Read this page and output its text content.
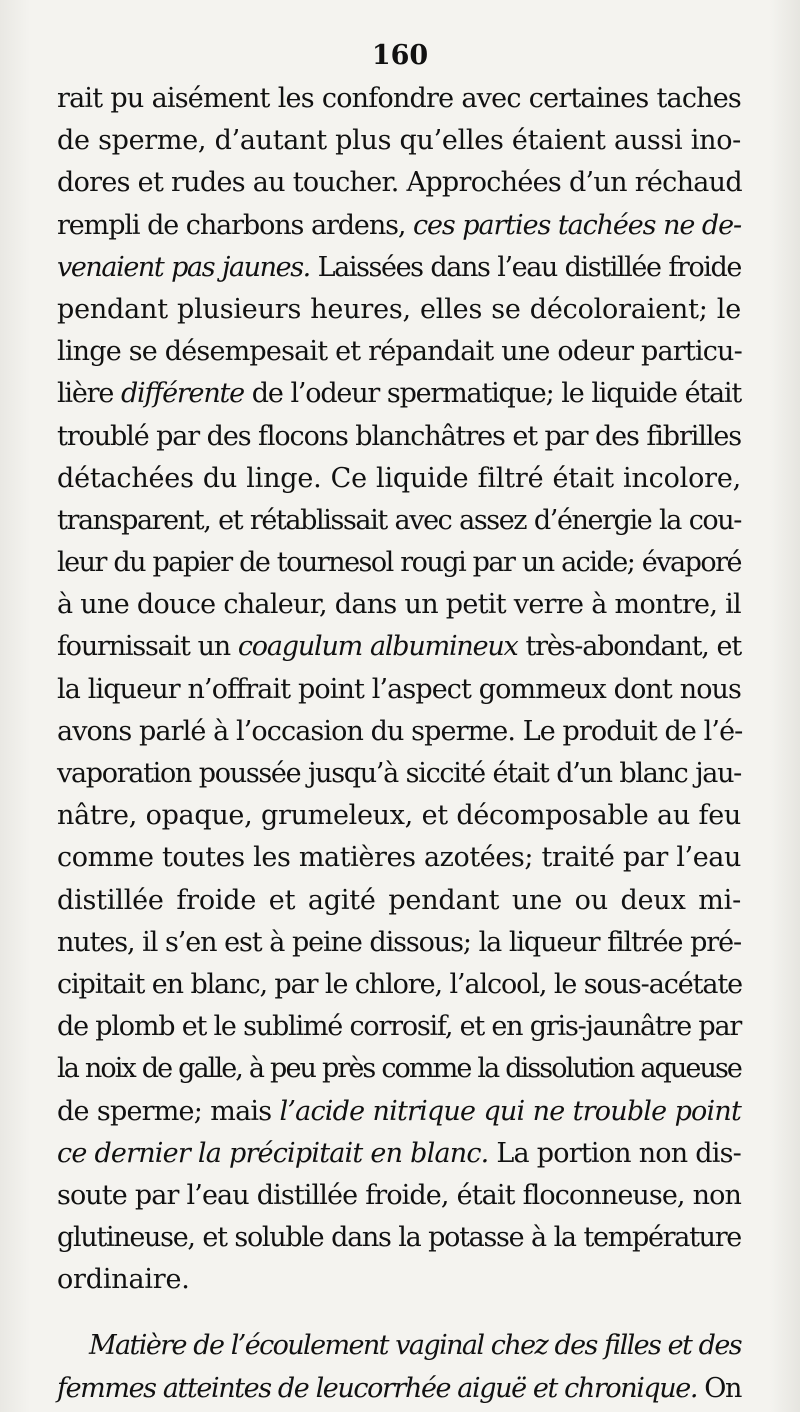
160
rait pu aisément les confondre avec certaines taches
de sperme, d’autant plus qu’elles étaient aussi ino-
dores et rudes au toucher. Approchées d’un réchaud
rempli de charbons ardens, ces parties tachées ne de-
venaient pas jaunes. Laissées dans l’eau distillée froide
pendant plusieurs heures, elles se décoloraient; le
linge se désempesait et répandait une odeur particu-
lière différente de l’odeur spermatique; le liquide était
troublé par des flocons blanchâtres et par des fibrilles
détachées du linge. Ce liquide filtré était incolore,
transparent, et rétablissait avec assez d’énergie la cou-
leur du papier de tournesol rougi par un acide; évaporé
à une douce chaleur, dans un petit verre à montre, il
fournissait un coagulum albumineux très-abondant, et
la liqueur n’offrait point l’aspect gommeux dont nous
avons parlé à l’occasion du sperme. Le produit de l’é-
vaporation poussée jusqu’à siccité était d’un blanc jau-
nâtre, opaque, grumeleux, et décomposable au feu
comme toutes les matières azotées; traité par l’eau
distillée froide et agité pendant une ou deux mi-
nutes, il s’en est à peine dissous; la liqueur filtrée pré-
cipitait en blanc, par le chlore, l’alcool, le sous-acétate
de plomb et le sublimé corrosif, et en gris-jaunâtre par
la noix de galle, à peu près comme la dissolution aqueuse
de sperme; mais l’acide nitrique qui ne trouble point
ce dernier la précipitait en blanc. La portion non dis-
soute par l’eau distillée froide, était floconneuse, non
glutineuse, et soluble dans la potasse à la température
ordinaire.
Matière de l’écoulement vaginal chez des filles et des
femmes atteintes de leucorrhée aiguë et chronique. On
